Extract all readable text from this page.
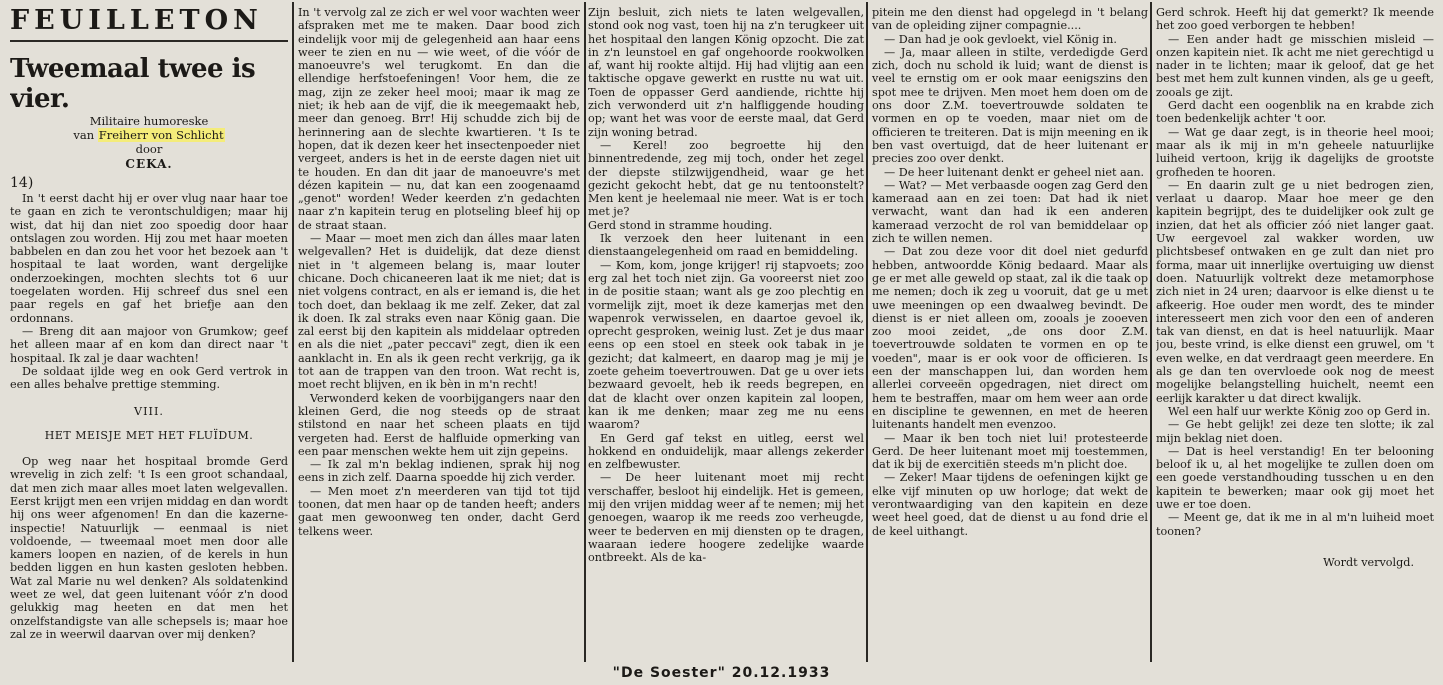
FEUILLETON
Tweemaal twee is vier.
Militaire humoreske
van Freiherr von Schlicht
door
CEKA.
14)

In 't eerst dacht hij er over vlug naar haar toe te gaan en zich te verontschuldigen; maar hij wist, dat hij dan niet zoo spoedig door haar ontslagen zou worden. Hij zou met haar moeten babbelen en dan zou het voor het bezoek aan 't hospitaal te laat worden, want dergelijke onderzoekingen, mochten slechts tot 6 uur toegelaten worden. Hij schreef dus snel een paar regels en gaf het briefje aan den ordonnans.

— Breng dit aan majoor von Grumkow; geef het alleen maar af en kom dan direct naar 't hospitaal. Ik zal je daar wachten!

De soldaat ijlde weg en ook Gerd vertrok in een alles behalve prettige stemming.

VIII.
HET MEISJE MET HET FLUÏDUM.

Op weg naar het hospitaal bromde Gerd wrevelig in zich zelf: 't Is een groot schandaal, dat men zich maar alles moet laten welgevallen. Eerst krijgt men een vrijen middag en dan wordt hij ons weer afgenomen! En dan die kazerne-inspectie! Natuurlijk — eenmaal is niet voldoende, — tweemaal moet men door alle kamers loopen en nazien, of de kerels in hun bedden liggen en hun kasten gesloten hebben. Wat zal Marie nu wel denken? Als soldatenkind weet ze wel, dat geen luitenant vóór z'n dood gelukkig mag heeten en dat men het onzelfstandigste van alle schepsels is; maar hoe zal ze in weerwil daarvan over mij denken?

In 't vervolg zal ze zich er wel voor wachten weer afspraken met me te maken. Daar bood zich eindelijk voor mij de gelegenheid aan haar eens weer te zien en nu — wie weet, of die vóór de manoeuvre's wel terugkomt. En dan die ellendige herfstoefeningen! Voor hem, die ze mag, zijn ze zeker heel mooi; maar ik mag ze niet; ik heb aan de vijf, die ik meegemaakt heb, meer dan genoeg. Brr! Hij schudde zich bij de herinnering aan de slechte kwartieren. 't Is te hopen, dat ik dezen keer het insectenpoeder niet vergeet, anders is het in de eerste dagen niet uit te houden. En dan dit jaar de manoeuvre's met dézen kapitein — nu, dat kan een zoogenaamd „genot" worden! Weder keerden z'n gedachten naar z'n kapitein terug en plotseling bleef hij op de straat staan.

— Maar — moet men zich dan álles maar laten welgevallen? Het is duidelijk, dat deze dienst niet in 't algemeen belang is, maar louter chicane. Doch chicaneeren laat ik me niet; dat is niet volgens contract, en als er iemand is, die het toch doet, dan beklaag ik me zelf. Zeker, dat zal ik doen. Ik zal straks even naar König gaan. Die zal eerst bij den kapitein als middelaar optreden en als die niet „pater peccavi" zegt, dien ik een aanklacht in. En als ik geen recht verkrijg, ga ik tot aan de trappen van den troon. Wat recht is, moet recht blijven, en ik bèn in m'n recht!

Verwonderd keken de voorbijgangers naar den kleinen Gerd, die nog steeds op de straat stilstond en naar het scheen plaats en tijd vergeten had. Eerst de halfluide opmerking van een paar menschen wekte hem uit zijn gepeins.

— Ik zal m'n beklag indienen, sprak hij nog eens in zich zelf. Daarna spoedde hij zich verder.

— Men moet z'n meerderen van tijd tot tijd toonen, dat men haar op de tanden heeft; anders gaat men gewoonweg ten onder, dacht Gerd telkens weer.

Zijn besluit, zich niets te laten welgevallen, stond ook nog vast, toen hij na z'n terugkeer uit het hospitaal den langen König opzocht. Die zat in z'n leunstoel en gaf ongehoorde rookwolken af, want hij rookte altijd. Hij had vlijtig aan een taktische opgave gewerkt en rustte nu wat uit. Toen de oppasser Gerd aandiende, richtte hij zich verwonderd uit z'n halfliggende houding op; want het was voor de eerste maal, dat Gerd zijn woning betrad.

— Kerel! zoo begroette hij den binnentredende, zeg mij toch, onder het zegel der diepste stilzwijgendheid, waar ge het gezicht gekocht hebt, dat ge nu tentoonstelt? Men kent je heelemaal nie meer. Wat is er toch met je?

Gerd stond in stramme houding.

Ik verzoek den heer luitenant in een dienstaangelegenheid om raad en bemiddeling.

— Kom, kom, jonge krijger! rij stapvoets; zoo erg zal het toch niet zijn. Ga vooreerst niet zoo in de positie staan; want als ge zoo plechtig en vormelijk zijt, moet ik deze kamerjas met den wapenrok verwisselen, en daartoe gevoel ik, oprecht gesproken, weinig lust. Zet je dus maar eens op een stoel en steek ook tabak in je gezicht; dat kalmeert, en daarop mag je mij je zoete geheim toevertrouwen. Dat ge u over iets bezwaard gevoelt, heb ik reeds begrepen, en dat de klacht over onzen kapitein zal loopen, kan ik me denken; maar zeg me nu eens waarom?

En Gerd gaf tekst en uitleg, eerst wel hokkend en onduidelijk, maar allengs zekerder en zelfbewuster.

— De heer luitenant moet mij recht verschaffer, besloot hij eindelijk. Het is gemeen, mij den vrijen middag weer af te nemen; mij het genoegen, waarop ik me reeds zoo verheugde, weer te bederven en mij diensten op te dragen, waaraan iedere hoogere zedelijke waarde ontbreekt. Als de ka-

pitein me den dienst had opgelegd in 't belang van de opleiding zijner compagnie....

— Dan had je ook gevloekt, viel König in.

— Ja, maar alleen in stilte, verdedigde Gerd zich, doch nu schold ik luid; want de dienst is veel te ernstig om er ook maar eenigszins den spot mee te drijven. Men moet hem doen om de ons door Z.M. toevertrouwde soldaten te vormen en op te voeden, maar niet om de officieren te treiteren. Dat is mijn meening en ik ben vast overtuigd, dat de heer luitenant er precies zoo over denkt.

— De heer luitenant denkt er geheel niet aan.

— Wat? — Met verbaasde oogen zag Gerd den kameraad aan en zei toen: Dat had ik niet verwacht, want dan had ik een anderen kameraad verzocht de rol van bemiddelaar op zich te willen nemen.

— Dat zou deze voor dit doel niet gedurfd hebben, antwoordde König bedaard. Maar als ge er met alle geweld op staat, zal ik die taak op me nemen; doch ik zeg u vooruit, dat ge u met uwe meeningen op een dwaalweg bevindt. De dienst is er niet alleen om, zooals je zooeven zoo mooi zeidet, „de ons door Z.M. toevertrouwde soldaten te vormen en op te voeden", maar is er ook voor de officieren. Is een der manschappen lui, dan worden hem allerlei corveeën opgedragen, niet direct om hem te bestraffen, maar om hem weer aan orde en discipline te gewennen, en met de heeren luitenants handelt men evenzoo.

— Maar ik ben toch niet lui! protesteerde Gerd. De heer luitenant moet mij toestemmen, dat ik bij de exercitiën steeds m'n plicht doe.

— Zeker! Maar tijdens de oefeningen kijkt ge elke vijf minuten op uw horloge; dat wekt de verontwaardiging van den kapitein en deze weet heel goed, dat de dienst u au fond drie el de keel uithangt.

Gerd schrok. Heeft hij dat gemerkt? Ik meende het zoo goed verborgen te hebben!

— Een ander hadt ge misschien misleid — onzen kapitein niet. Ik acht me niet gerechtigd u nader in te lichten; maar ik geloof, dat ge het best met hem zult kunnen vinden, als ge u geeft, zooals ge zijt.

Gerd dacht een oogenblik na en krabde zich toen bedenkelijk achter 't oor.

— Wat ge daar zegt, is in theorie heel mooi; maar als ik mij in m'n geheele natuurlijke luiheid vertoon, krijg ik dagelijks de grootste grofheden te hooren.

— En daarin zult ge u niet bedrogen zien, verlaat u daarop. Maar hoe meer ge den kapitein begrijpt, des te duidelijker ook zult ge inzien, dat het als officier zóó niet langer gaat. Uw eergevoel zal wakker worden, uw plichtsbesef ontwaken en ge zult dan niet pro forma, maar uit innerlijke overtuiging uw dienst doen. Natuurlijk voltrekt deze metamorphose zich niet in 24 uren; daarvoor is elke dienst u te afkeerig. Hoe ouder men wordt, des te minder interesseert men zich voor den een of anderen tak van dienst, en dat is heel natuurlijk. Maar jou, beste vrind, is elke dienst een gruwel, om 't even welke, en dat verdraagt geen meerdere. En als ge dan ten overvloede ook nog de meest mogelijke belangstelling huichelt, neemt een eerlijk karakter u dat direct kwalijk.

Wel een half uur werkte König zoo op Gerd in.

— Ge hebt gelijk! zei deze ten slotte; ik zal mijn beklag niet doen.

— Dat is heel verstandig! En ter belooning beloof ik u, al het mogelijke te zullen doen om een goede verstandhouding tusschen u en den kapitein te bewerken; maar ook gij moet het uwe er toe doen.

— Meent ge, dat ik me in al m'n luiheid moet toonen?

Wordt vervolgd.
"De Soester" 20.12.1933
